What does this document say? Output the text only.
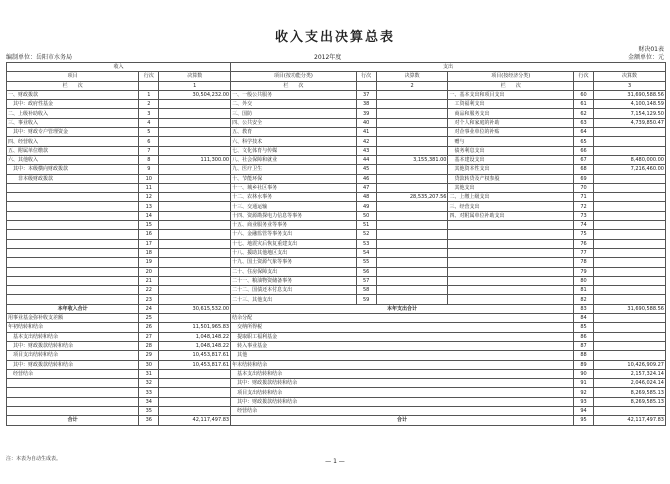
收入支出决算总表
财决01表
编制单位：岳阳市水务局	2012年度	金额单位：元
收入			支出					
项目	行次	决算数	项目(按功能分类)	行次	决算数	项目(按经济分类)	行次	决算数
栏　　次		1	栏　　次		2	栏　　次		3
一、财政拨款	1	30,504,232.00	一、一般公共服务	37		一、基本支出和项目支出	60	31,690,588.56
　其中：政府性基金	2		二、外交	38		　工资福利支出	61	4,100,148.59
二、上级补助收入	3		三、国防	39		　商品和服务支出	62	7,154,129.50
三、事业收入	4		四、公共安全	40		　对个人和家庭的补助	63	4,739,850.47
　其中：财政专户管理资金	5		五、教育	41		　对企事业单位的补贴	64	
四、经营收入	6		六、科学技术	42		　赠与	65	
五、附属单位缴款	7		七、文化体育与传媒	43		　债务利息支出	66	
六、其他收入	8	111,300.00	八、社会保障和就业	44	3,155,381.00	　基本建设支出	67	8,480,000.00
　其中：本级横向财政拨款	9		九、医疗卫生	45		　其他资本性支出	68	7,216,460.00
　　非本级财政拨款	10		十、节能环保	46		　贷款转贷及产权参股	69	
	11		十一、城乡社区事务	47		　其他支出	70	
	12		十二、农林水事务	48	28,535,207.56	二、上缴上级支出	71	
	13		十三、交通运输	49		三、经营支出	72	
	14		十四、资源勘探电力信息等事务	50		四、对附属单位补助支出	73	
	15		十五、商业服务业等事务	51			74	
	16		十六、金融监管等事务支出	52			75	
	17		十七、地震灾后恢复重建支出	53			76	
	18		十八、援助其他地区支出	54			77	
	19		十九、国土资源气象等事务	55			78	
	20		二十、住房保障支出	56			79	
	21		二十一、粮油物资储备事务	57			80	
	22		二十二、国债还本付息支出	58			81	
	23		二十三、其他支出	59			82	
本年收入合计	24	30,615,532.00	本年支出合计				83	31,690,588.56
用事业基金弥补收支差额	25		结余分配				84	
年初结转和结余	26	11,501,965.83	　交纳所得税				85	
　基本支出结转和结余	27	1,048,148.22	　提取职工福利基金				86	
　其中：财政拨款结转和结余	28	1,048,148.22	　转入事业基金				87	
　项目支出结转和结余	29	10,453,817.61	　其他				88	
　其中：财政拨款结转和结余	30	10,453,817.61	年末结转和结余				89	10,426,909.27
　经营结余	31		　基本支出结转和结余				90	2,157,324.14
	32		　其中：财政拨款结转和结余				91	2,046,024.14
	33		　项目支出结转和结余				92	8,269,585.13
	34		　其中：财政拨款结转和结余				93	8,269,585.13
	35		　经营结余				94	
合计	36	42,117,497.83	合计				95	42,117,497.83
注：本表为自动生成表。	— 1 —
